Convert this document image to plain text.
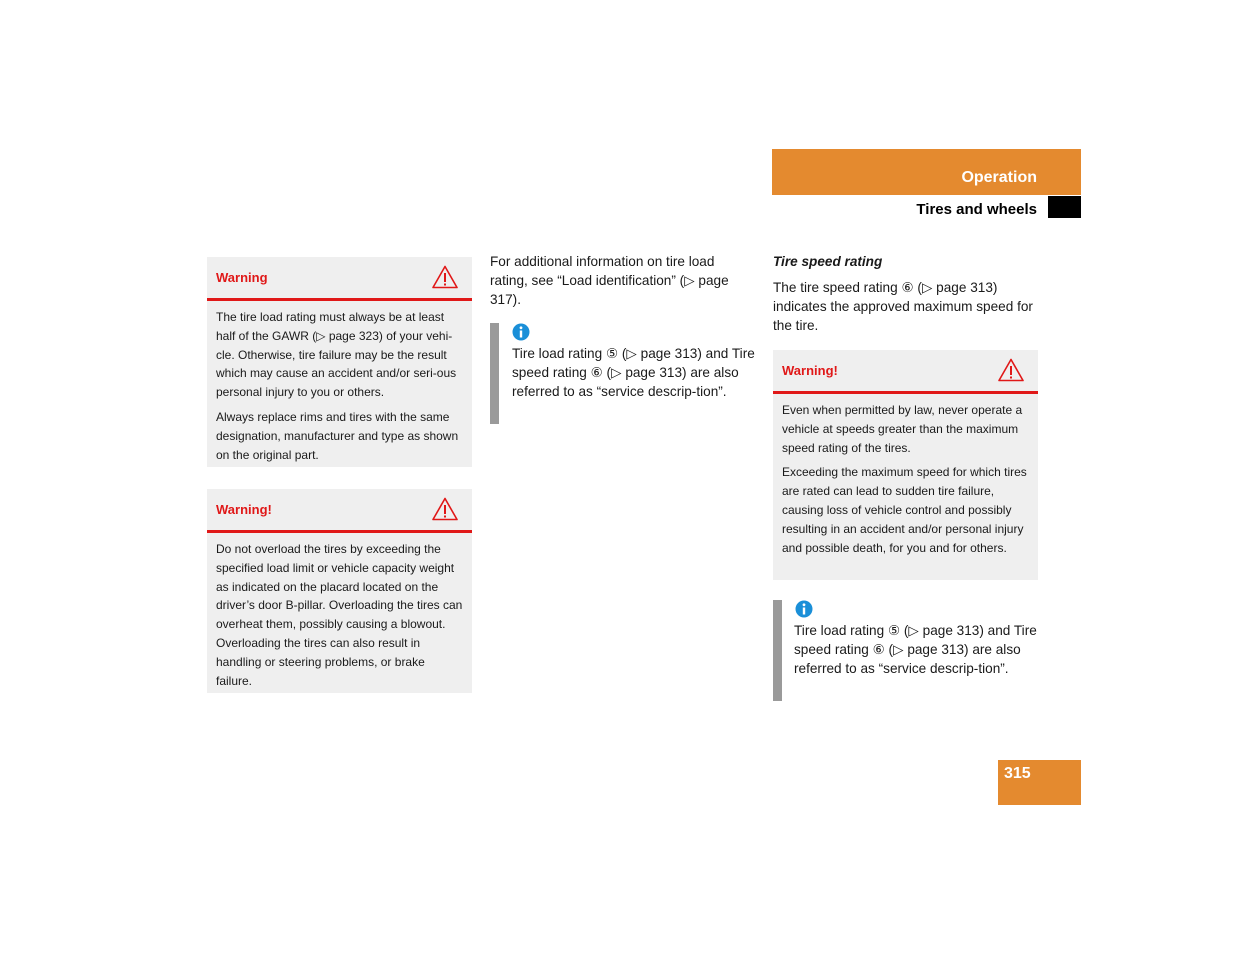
Operation
Tires and wheels
Warning

The tire load rating must always be at least half of the GAWR (▷ page 323) of your vehi-cle. Otherwise, tire failure may be the result which may cause an accident and/or seri-ous personal injury to you or others.

Always replace rims and tires with the same designation, manufacturer and type as shown on the original part.

Warning!

Do not overload the tires by exceeding the specified load limit or vehicle capacity weight as indicated on the placard located on the driver’s door B-pillar. Overloading the tires can overheat them, possibly causing a blowout. Overloading the tires can also result in handling or steering problems, or brake failure.

For additional information on tire load rating, see “Load identification” (▷ page 317).
Tire load rating ⑤ (▷ page 313) and Tire speed rating ⑥ (▷ page 313) are also referred to as “service descrip-tion”.
Tire speed rating
The tire speed rating ⑥ (▷ page 313) indicates the approved maximum speed for the tire.
Warning!

Even when permitted by law, never operate a vehicle at speeds greater than the maximum speed rating of the tires.

Exceeding the maximum speed for which tires are rated can lead to sudden tire failure, causing loss of vehicle control and possibly resulting in an accident and/or personal injury and possible death, for you and for others.

Tire load rating ⑤ (▷ page 313) and Tire speed rating ⑥ (▷ page 313) are also referred to as “service descrip-tion”.
315
